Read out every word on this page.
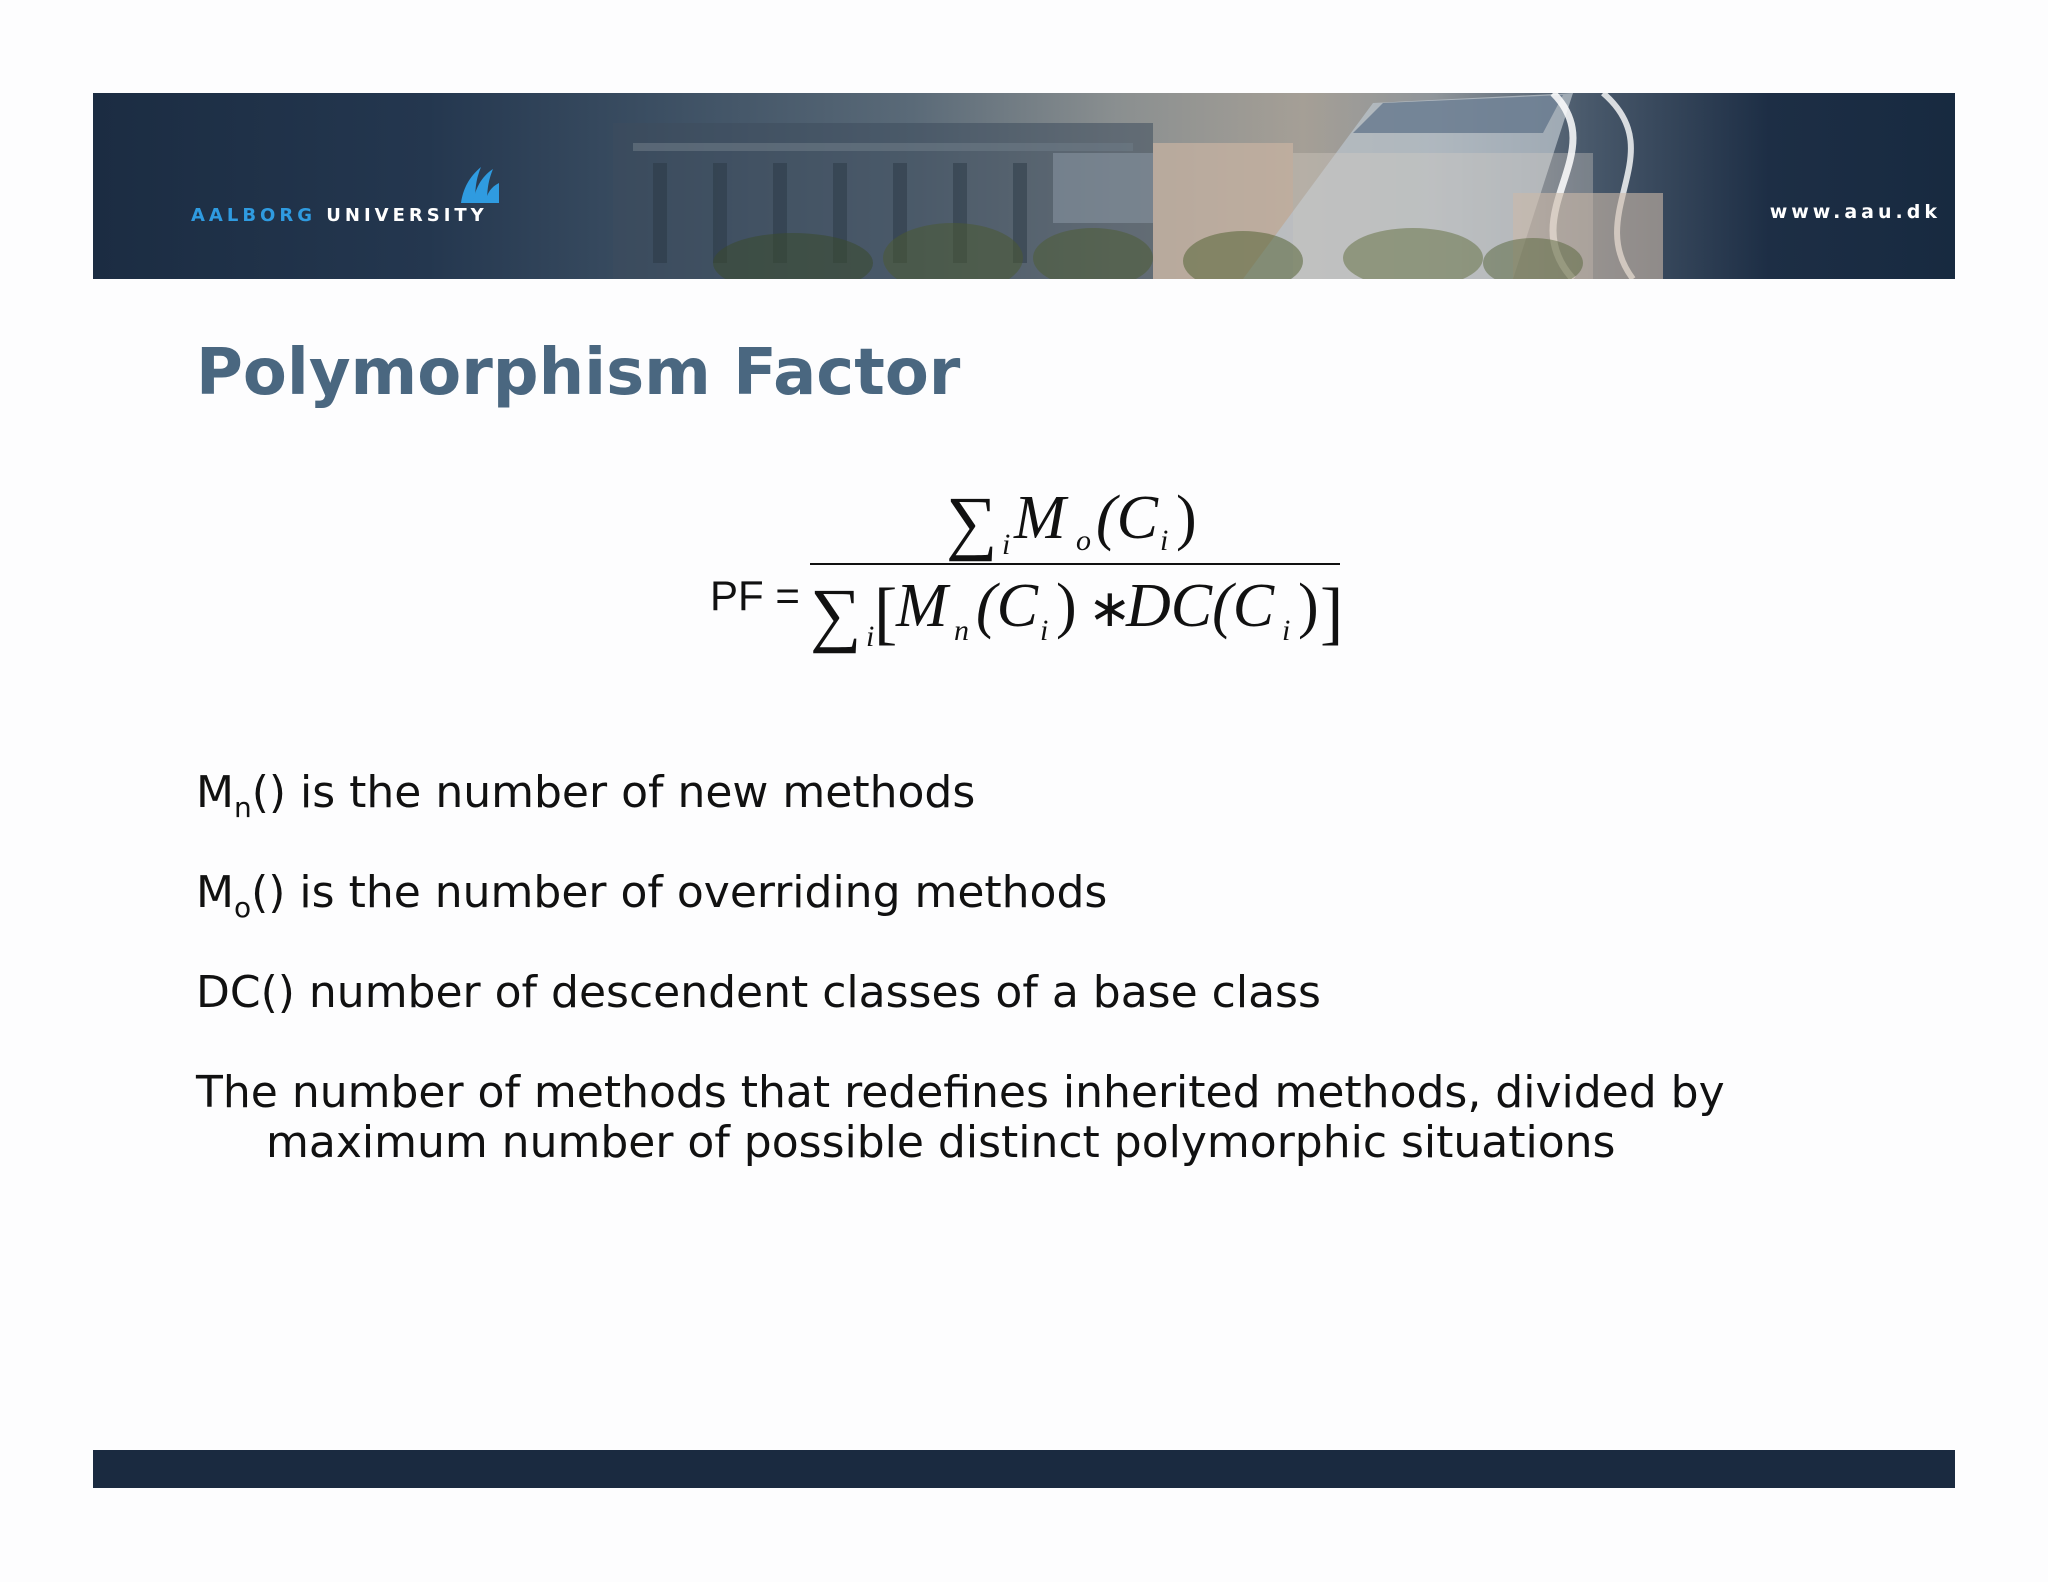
AALBORG UNIVERSITY	www.aau.dk
Polymorphism Factor
PF =
∑ i M o (C i )
∑ i [
M n (C i ) ∗
DC(C i ) ]
$M_n()$ is the number of new methods
$M_o()$ is the number of overriding methods
DC() number of descendent classes of a base class
The number of methods that redefines inherited methods, divided by
maximum number of possible distinct polymorphic situations
